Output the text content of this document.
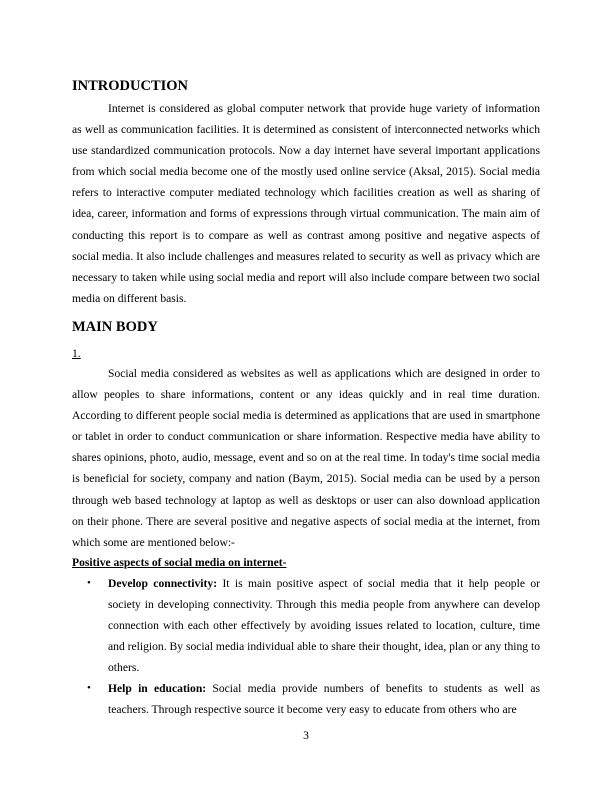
INTRODUCTION

Internet is considered as global computer network that provide huge variety of information as well as communication facilities. It is determined as consistent of interconnected networks which use standardized communication protocols. Now a day internet have several important applications from which social media become one of the mostly used online service (Aksal, 2015). Social media refers to interactive computer mediated technology which facilities creation as well as sharing of idea, career, information and forms of expressions through virtual communication. The main aim of conducting this report is to compare as well as contrast among positive and negative aspects of social media. It also include challenges and measures related to security as well as privacy which are necessary to taken while using social media and report will also include compare between two social media on different basis.

MAIN BODY

1.

Social media considered as websites as well as applications which are designed in order to allow peoples to share informations, content or any ideas quickly and in real time duration. According to different people social media is determined as applications that are used in smartphone or tablet in order to conduct communication or share information. Respective media have ability to shares opinions, photo, audio, message, event and so on at the real time. In today's time social media is beneficial for society, company and nation (Baym, 2015). Social media can be used by a person through web based technology at laptop as well as desktops or user can also download application on their phone. There are several positive and negative aspects of social media at the internet, from which some are mentioned below:-

Positive aspects of social media on internet-

• Develop connectivity: It is main positive aspect of social media that it help people or society in developing connectivity. Through this media people from anywhere can develop connection with each other effectively by avoiding issues related to location, culture, time and religion. By social media individual able to share their thought, idea, plan or any thing to others.
• Help in education: Social media provide numbers of benefits to students as well as teachers. Through respective source it become very easy to educate from others who are
3
